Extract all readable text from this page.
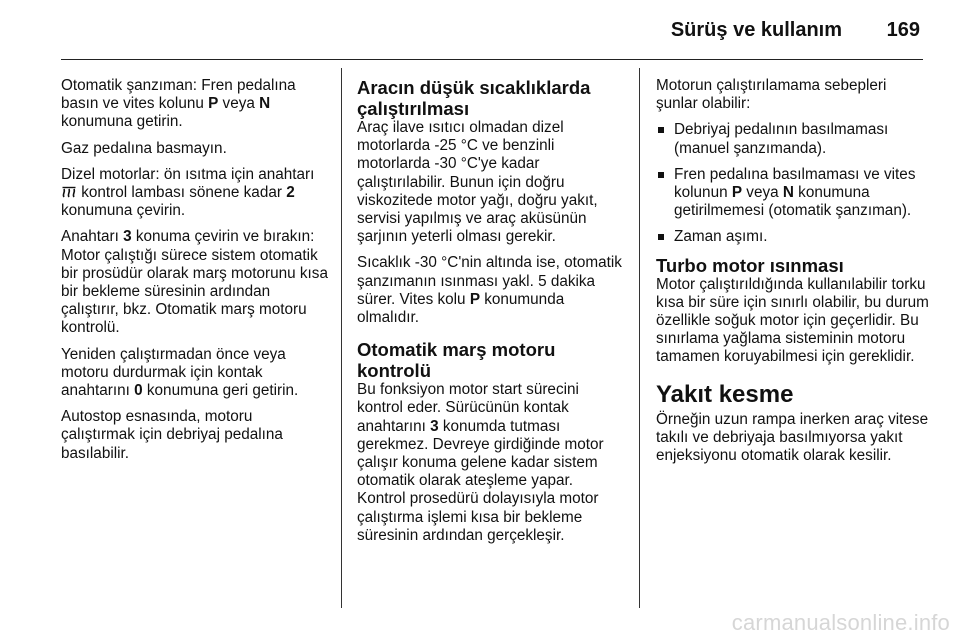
Sürüş ve kullanım 169

Otomatik şanzıman: Fren pedalına basın ve vites kolunu P veya N konumuna getirin.

Gaz pedalına basmayın.

Dizel motorlar: ön ısıtma için anahtarı  kontrol lambası sönene kadar 2 konumuna çevirin.

Anahtarı 3 konuma çevirin ve bırakın: Motor çalıştığı sürece sistem otomatik bir prosüdür olarak marş motorunu kısa bir bekleme süresinin ardından çalıştırır, bkz. Otomatik marş motoru kontrolü.

Yeniden çalıştırmadan önce veya motoru durdurmak için kontak anahtarını 0 konumuna geri getirin.

Autostop esnasında, motoru çalıştırmak için debriyaj pedalına basılabilir.

Aracın düşük sıcaklıklarda çalıştırılması

Araç ilave ısıtıcı olmadan dizel motorlarda -25 °C ve benzinli motorlarda -30 °C'ye kadar çalıştırılabilir. Bunun için doğru viskozitede motor yağı, doğru yakıt, servisi yapılmış ve araç aküsünün şarjının yeterli olması gerekir.

Sıcaklık -30 °C'nin altında ise, otomatik şanzımanın ısınması yakl. 5 dakika sürer. Vites kolu P konumunda olmalıdır.

Otomatik marş motoru kontrolü

Bu fonksiyon motor start sürecini kontrol eder. Sürücünün kontak anahtarını 3 konumda tutması gerekmez. Devreye girdiğinde motor çalışır konuma gelene kadar sistem otomatik olarak ateşleme yapar. Kontrol prosedürü dolayısıyla motor çalıştırma işlemi kısa bir bekleme süresinin ardından gerçekleşir.

Motorun çalıştırılamama sebepleri şunlar olabilir:

Debriyaj pedalının basılmaması (manuel şanzımanda).
Fren pedalına basılmaması ve vites kolunun P veya N konumuna getirilmemesi (otomatik şanzıman).
Zaman aşımı.
Turbo motor ısınması

Motor çalıştırıldığında kullanılabilir torku kısa bir süre için sınırlı olabilir, bu durum özellikle soğuk motor için geçerlidir. Bu sınırlama yağlama sisteminin motoru tamamen koruyabilmesi için gereklidir.

Yakıt kesme

Örneğin uzun rampa inerken araç vitese takılı ve debriyaja basılmıyorsa yakıt enjeksiyonu otomatik olarak kesilir.

carmanualsonline.info
